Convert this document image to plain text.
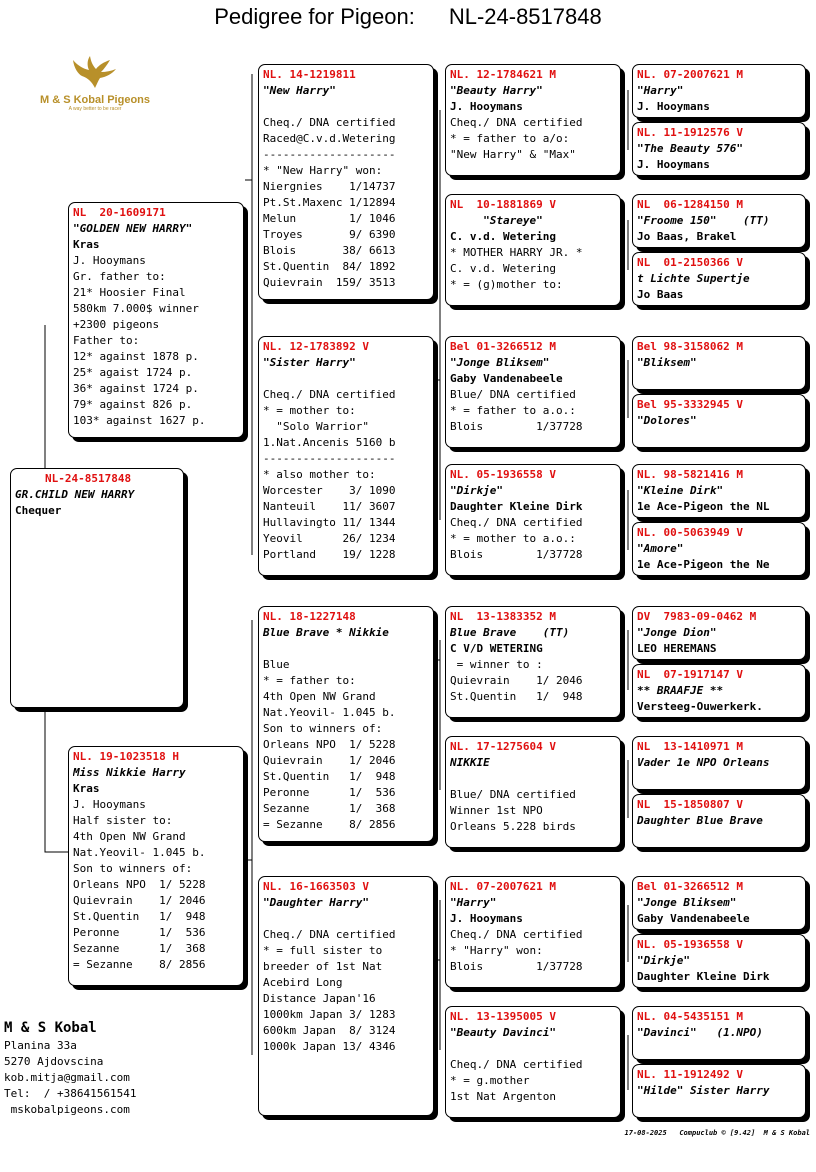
Pedigree for Pigeon: NL-24-8517848
M & S Kobal Pigeons
A way better to be racer
NL-24-8517848
GR.CHILD NEW HARRY
Chequer
NL  20-1609171
"GOLDEN NEW HARRY"
Kras
J. Hooymans
Gr. father to:
21* Hoosier Final
580km 7.000$ winner
+2300 pigeons
Father to:
12* against 1878 p.
25* agaist 1724 p.
36* against 1724 p.
79* against 826 p.
103* against 1627 p.
NL. 19-1023518 H
Miss Nikkie Harry
Kras
J. Hooymans
Half sister to:
4th Open NW Grand
Nat.Yeovil- 1.045 b.
Son to winners of:
Orleans NPO  1/ 5228
Quievrain    1/ 2046
St.Quentin   1/  948
Peronne      1/  536
Sezanne      1/  368
= Sezanne    8/ 2856
NL. 14-1219811
"New Harry"
Cheq./ DNA certified
Raced@C.v.d.Wetering
--------------------
* "New Harry" won:
Niergnies    1/14737
Pt.St.Maxenc 1/12894
Melun        1/ 1046
Troyes       9/ 6390
Blois       38/ 6613
St.Quentin  84/ 1892
Quievrain  159/ 3513
NL. 12-1783892 V
"Sister Harry"
Cheq./ DNA certified
* = mother to:
"Solo Warrior"
1.Nat.Ancenis 5160 b
--------------------
* also mother to:
Worcester    3/ 1090
Nanteuil    11/ 3607
Hullavingto 11/ 1344
Yeovil      26/ 1234
Portland    19/ 1228
NL. 18-1227148
Blue Brave * Nikkie
Blue
* = father to:
4th Open NW Grand
Nat.Yeovil- 1.045 b.
Son to winners of:
Orleans NPO  1/ 5228
Quievrain    1/ 2046
St.Quentin   1/  948
Peronne      1/  536
Sezanne      1/  368
= Sezanne    8/ 2856
NL. 16-1663503 V
"Daughter Harry"
Cheq./ DNA certified
* = full sister to
breeder of 1st Nat
Acebird Long
Distance Japan'16
1000km Japan 3/ 1283
600km Japan  8/ 3124
1000k Japan 13/ 4346
NL. 12-1784621 M
"Beauty Harry"
J. Hooymans
Cheq./ DNA certified
* = father to a/o:
"New Harry" & "Max"
NL  10-1881869 V
"Stareye"
C. v.d. Wetering
* MOTHER HARRY JR. *
C. v.d. Wetering
* = (g)mother to:
Bel 01-3266512 M
"Jonge Bliksem"
Gaby Vandenabeele
Blue/ DNA certified
* = father to a.o.:
Blois        1/37728
NL. 05-1936558 V
"Dirkje"
Daughter Kleine Dirk
Cheq./ DNA certified
* = mother to a.o.:
Blois        1/37728
NL  13-1383352 M
Blue Brave    (TT)
C V/D WETERING
= winner to :
Quievrain    1/ 2046
St.Quentin   1/  948
NL. 17-1275604 V
NIKKIE
Blue/ DNA certified
Winner 1st NPO
Orleans 5.228 birds
NL. 07-2007621 M
"Harry"
J. Hooymans
Cheq./ DNA certified
* "Harry" won:
Blois        1/37728
NL. 13-1395005 V
"Beauty Davinci"
Cheq./ DNA certified
* = g.mother
1st Nat Argenton
NL. 07-2007621 M
"Harry"
J. Hooymans
NL. 11-1912576 V
"The Beauty 576"
J. Hooymans
NL  06-1284150 M
"Froome 150"    (TT)
Jo Baas, Brakel
NL  01-2150366 V
t Lichte Supertje
Jo Baas
Bel 98-3158062 M
"Bliksem"
Bel 95-3332945 V
"Dolores"
NL. 98-5821416 M
"Kleine Dirk"
1e Ace-Pigeon the NL
NL. 00-5063949 V
"Amore"
1e Ace-Pigeon the Ne
DV  7983-09-0462 M
"Jonge Dion"
LEO HEREMANS
NL  07-1917147 V
** BRAAFJE **
Versteeg-Ouwerkerk.
NL  13-1410971 M
Vader 1e NPO Orleans
NL  15-1850807 V
Daughter Blue Brave
Bel 01-3266512 M
"Jonge Bliksem"
Gaby Vandenabeele
NL. 05-1936558 V
"Dirkje"
Daughter Kleine Dirk
NL. 04-5435151 M
"Davinci"   (1.NPO)
NL. 11-1912492 V
"Hilde" Sister Harry
M & S Kobal
Planina 33a
5270 Ajdovscina
kob.mitja@gmail.com
Tel:  / +38641561541
mskobalpigeons.com
17-08-2025 Compuclub © [9.42] M & S Kobal
